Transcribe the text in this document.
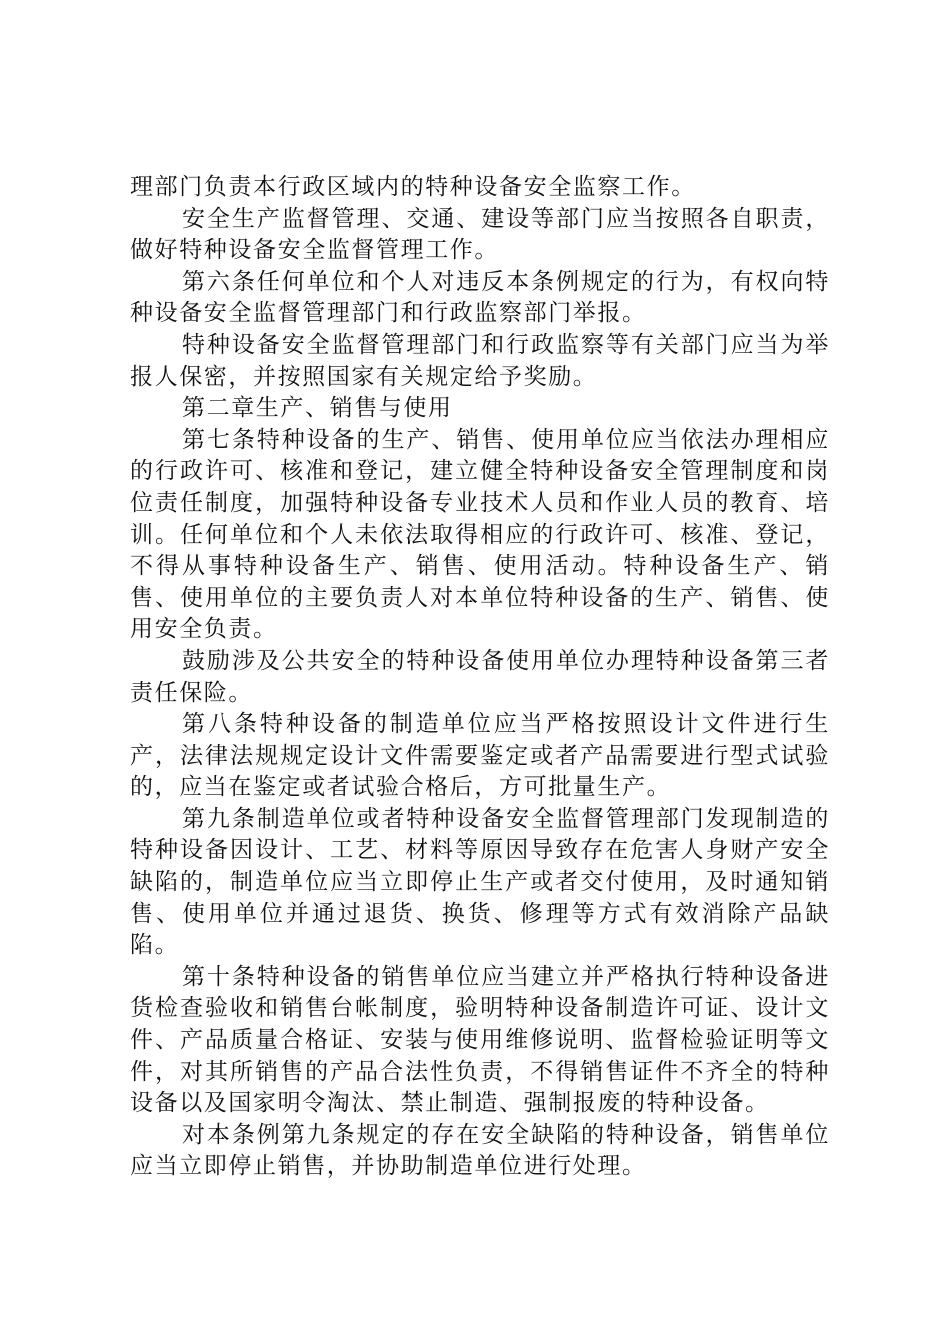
理部门负责本行政区域内的特种设备安全监察工作。

安全生产监督管理、交通、建设等部门应当按照各自职责，做好特种设备安全监督管理工作。

第六条任何单位和个人对违反本条例规定的行为，有权向特种设备安全监督管理部门和行政监察部门举报。

特种设备安全监督管理部门和行政监察等有关部门应当为举报人保密，并按照国家有关规定给予奖励。

第二章生产、销售与使用

第七条特种设备的生产、销售、使用单位应当依法办理相应的行政许可、核准和登记，建立健全特种设备安全管理制度和岗位责任制度，加强特种设备专业技术人员和作业人员的教育、培训。任何单位和个人未依法取得相应的行政许可、核准、登记，不得从事特种设备生产、销售、使用活动。特种设备生产、销售、使用单位的主要负责人对本单位特种设备的生产、销售、使用安全负责。

鼓励涉及公共安全的特种设备使用单位办理特种设备第三者责任保险。

第八条特种设备的制造单位应当严格按照设计文件进行生产，法律法规规定设计文件需要鉴定或者产品需要进行型式试验的，应当在鉴定或者试验合格后，方可批量生产。

第九条制造单位或者特种设备安全监督管理部门发现制造的特种设备因设计、工艺、材料等原因导致存在危害人身财产安全缺陷的，制造单位应当立即停止生产或者交付使用，及时通知销售、使用单位并通过退货、换货、修理等方式有效消除产品缺陷。

第十条特种设备的销售单位应当建立并严格执行特种设备进货检查验收和销售台帐制度，验明特种设备制造许可证、设计文件、产品质量合格证、安装与使用维修说明、监督检验证明等文件，对其所销售的产品合法性负责，不得销售证件不齐全的特种设备以及国家明令淘汰、禁止制造、强制报废的特种设备。

对本条例第九条规定的存在安全缺陷的特种设备，销售单位应当立即停止销售，并协助制造单位进行处理。
